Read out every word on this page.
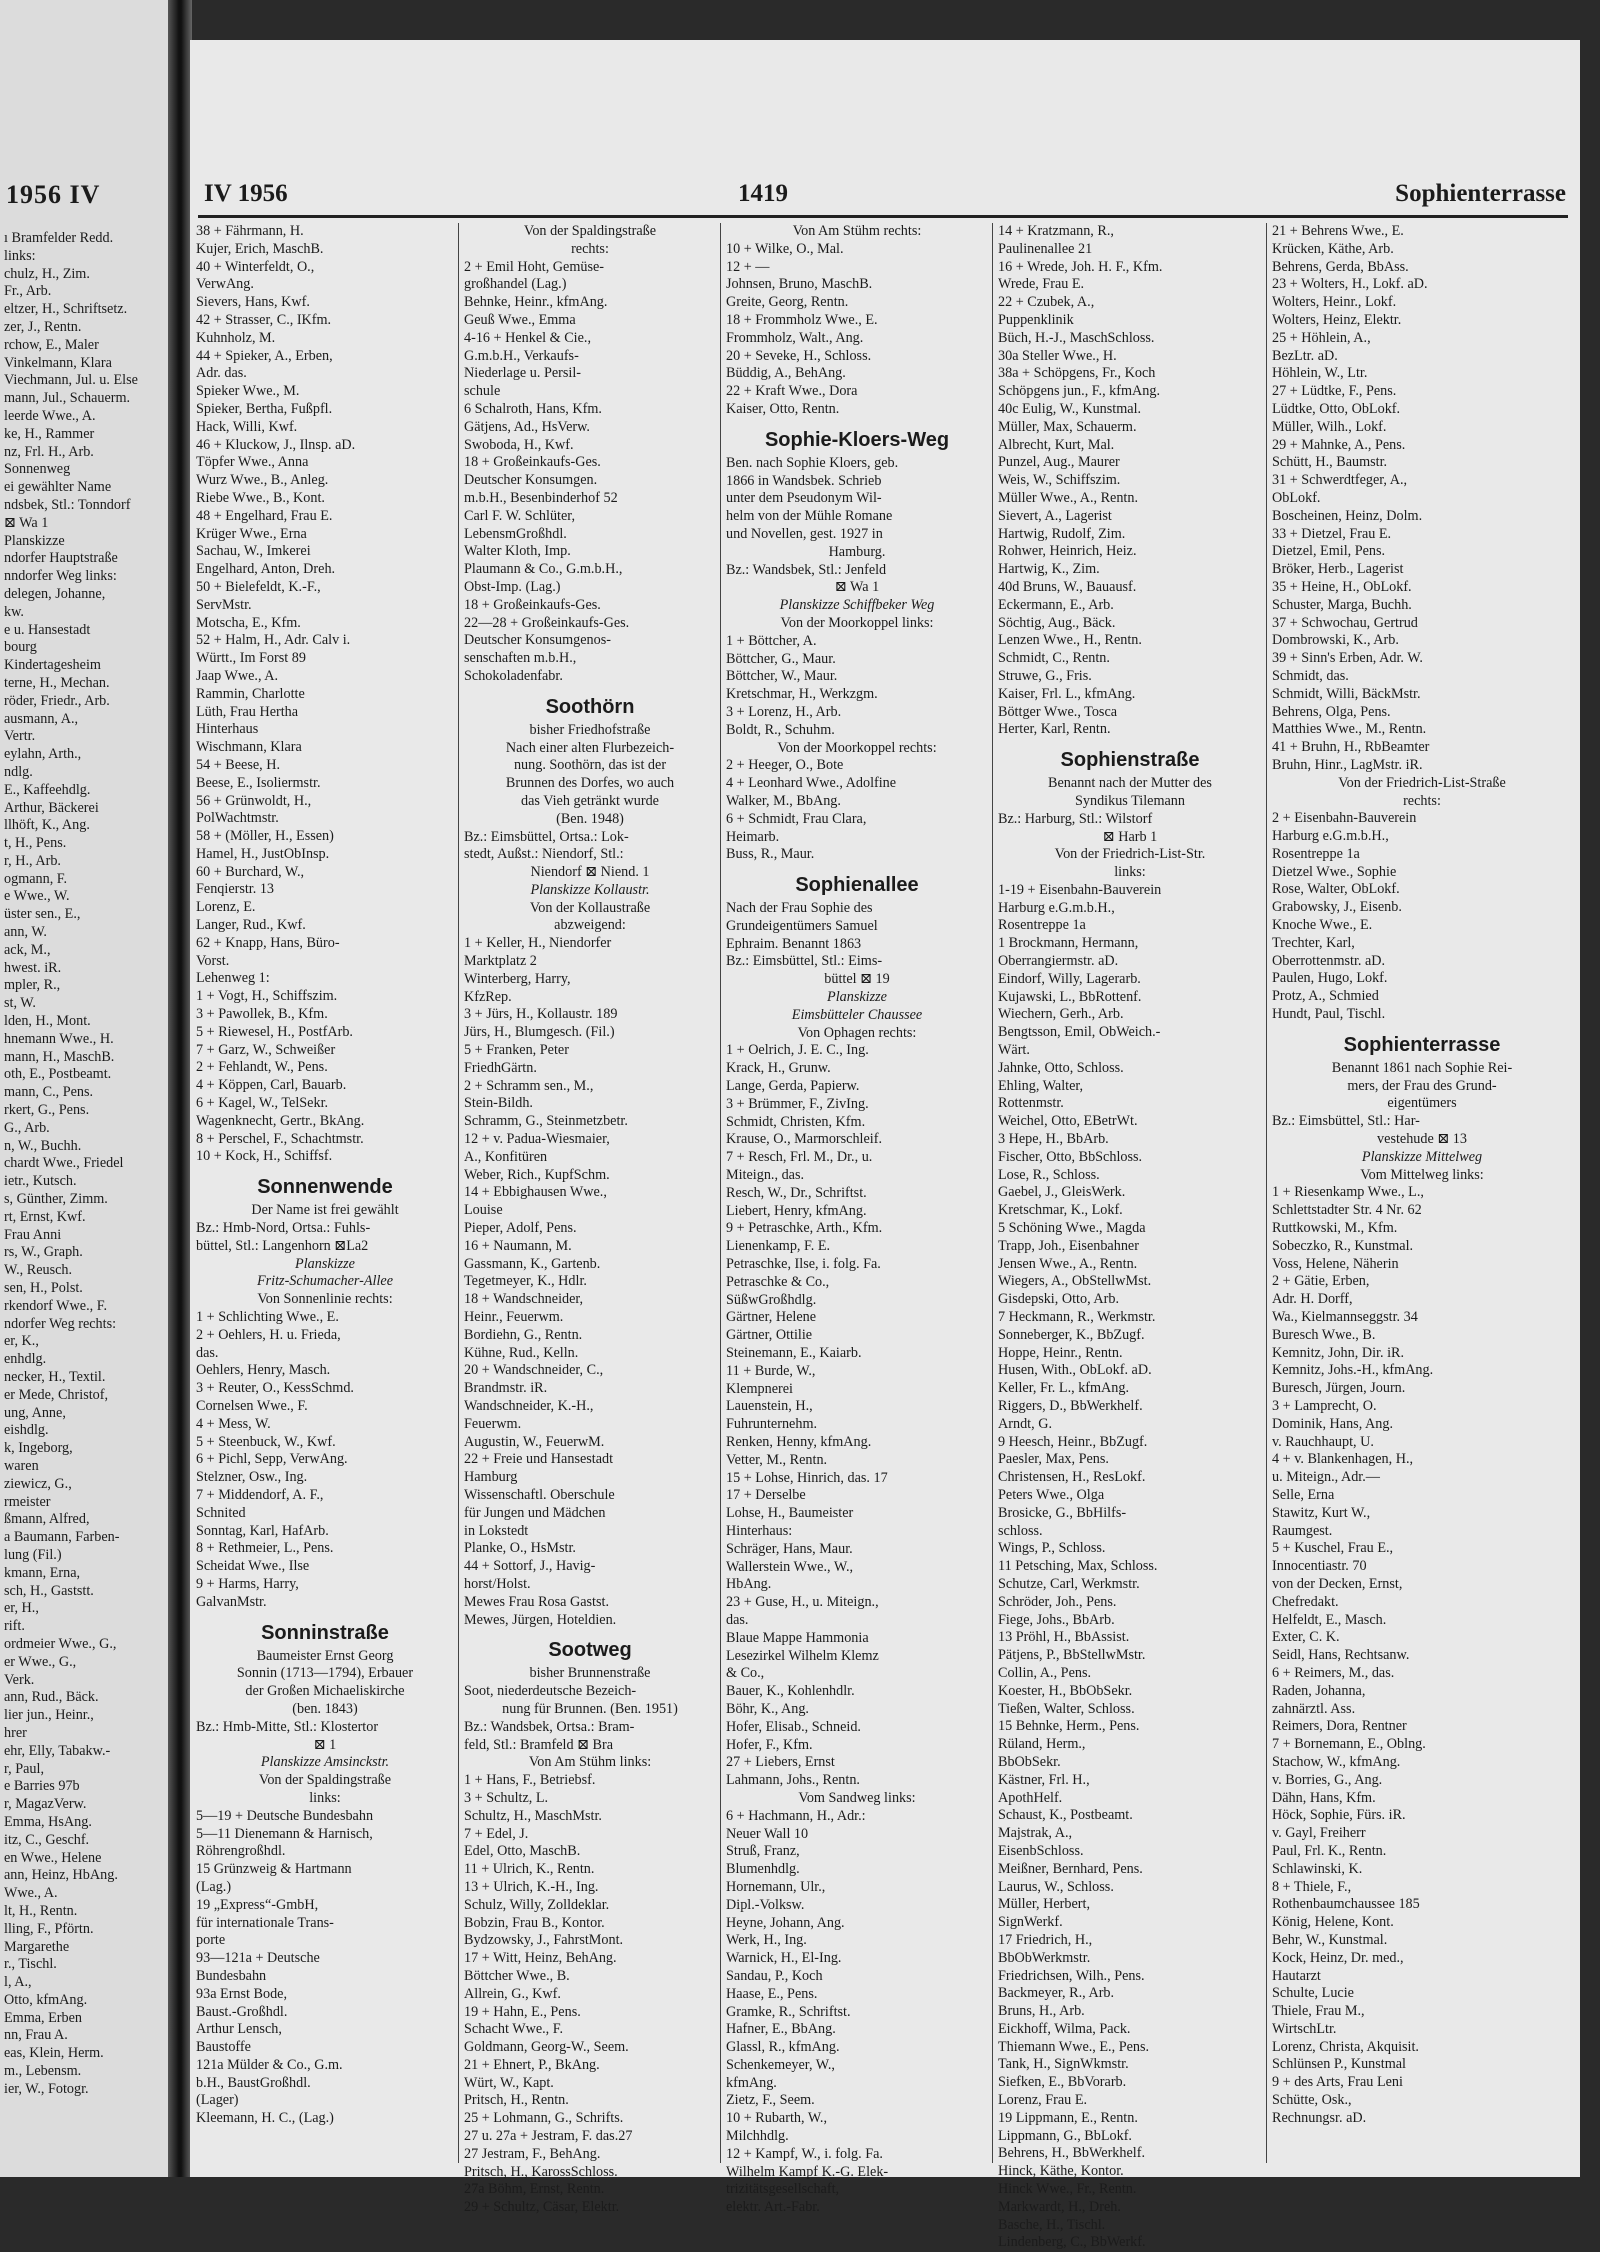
1956 IV
ı Bramfelder Redd.
links:
chulz, H., Zim.
Fr., Arb.
eltzer, H., Schriftsetz.
zer, J., Rentn.
rchow, E., Maler
Vinkelmann, Klara
Viechmann, Jul. u. Else
mann, Jul., Schauerm.
leerde Wwe., A.
ke, H., Rammer
nz, Frl. H., Arb.
Sonnenweg
ei gewählter Name
ndsbek, Stl.: Tonndorf
⊠ Wa 1
Planskizze
ndorfer Hauptstraße
nndorfer Weg links:
delegen, Johanne,
kw.
e u. Hansestadt
bourg
Kindertagesheim
terne, H., Mechan.
röder, Friedr., Arb.
ausmann, A.,
Vertr.
eylahn, Arth.,
ndlg.
E., Kaffeehdlg.
Arthur, Bäckerei
llhöft, K., Ang.
t, H., Pens.
r, H., Arb.
ogmann, F.
e Wwe., W.
üster sen., E.,
ann, W.
ack, M.,
hwest. iR.
mpler, R.,
st, W.
lden, H., Mont.
hnemann Wwe., H.
mann, H., MaschB.
oth, E., Postbeamt.
mann, C., Pens.
rkert, G., Pens.
G., Arb.
n, W., Buchh.
chardt Wwe., Friedel
ietr., Kutsch.
s, Günther, Zimm.
rt, Ernst, Kwf.
Frau Anni
rs, W., Graph.
W., Reusch.
sen, H., Polst.
rkendorf Wwe., F.
ndorfer Weg rechts:
er, K.,
enhdlg.
necker, H., Textil.
er Mede, Christof,
ung, Anne,
eishdlg.
k, Ingeborg,
waren
ziewicz, G.,
rmeister
ßmann, Alfred,
a Baumann, Farben-
lung (Fil.)
kmann, Erna,
sch, H., Gaststt.
er, H.,
rift.
ordmeier Wwe., G.,
er Wwe., G.,
Verk.
ann, Rud., Bäck.
lier jun., Heinr.,
hrer
ehr, Elly, Tabakw.-
r, Paul,
e Barries 97b
r, MagazVerw.
Emma, HsAng.
itz, C., Geschf.
en Wwe., Helene
ann, Heinz, HbAng.
Wwe., A.
lt, H., Rentn.
lling, F., Pförtn.
Margarethe
r., Tischl.
l, A.,
Otto, kfmAng.
Emma, Erben
nn, Frau A.
eas, Klein, Herm.
m., Lebensm.
ier, W., Fotogr.
IV 1956	1419	Sophienterrasse
38 + Fährmann, H.
Kujer, Erich, MaschB.
40 + Winterfeldt, O.,
VerwAng.
Sievers, Hans, Kwf.
42 + Strasser, C., IKfm.
Kuhnholz, M.
44 + Spieker, A., Erben,
Adr. das.
Spieker Wwe., M.
Spieker, Bertha, Fußpfl.
Hack, Willi, Kwf.
46 + Kluckow, J., Ilnsp. aD.
Töpfer Wwe., Anna
Wurz Wwe., B., Anleg.
Riebe Wwe., B., Kont.
48 + Engelhard, Frau E.
Krüger Wwe., Erna
Sachau, W., Imkerei
Engelhard, Anton, Dreh.
50 + Bielefeldt, K.-F.,
ServMstr.
Motscha, E., Kfm.
52 + Halm, H., Adr. Calv i.
Württ., Im Forst 89
Jaap Wwe., A.
Rammin, Charlotte
Lüth, Frau Hertha
Hinterhaus
Wischmann, Klara
54 + Beese, H.
Beese, E., Isoliermstr.
56 + Grünwoldt, H.,
PolWachtmstr.
58 + (Möller, H., Essen)
Hamel, H., JustObInsp.
60 + Burchard, W.,
Fenqierstr. 13
Lorenz, E.
Langer, Rud., Kwf.
62 + Knapp, Hans, Büro-
Vorst.
Lehenweg 1:
1 + Vogt, H., Schiffszim.
3 + Pawollek, B., Kfm.
5 + Riewesel, H., PostfArb.
7 + Garz, W., Schweißer
2 + Fehlandt, W., Pens.
4 + Köppen, Carl, Bauarb.
6 + Kagel, W., TelSekr.
Wagenknecht, Gertr., BkAng.
8 + Perschel, F., Schachtmstr.
10 + Kock, H., Schiffsf.
Sonnenwende
Der Name ist frei gewählt
Bz.: Hmb-Nord, Ortsa.: Fuhls-
büttel, Stl.: Langenhorn ⊠La2
Planskizze
Fritz-Schumacher-Allee
Von Sonnenlinie rechts:
1 + Schlichting Wwe., E.
2 + Oehlers, H. u. Frieda,
das.
Oehlers, Henry, Masch.
3 + Reuter, O., KessSchmd.
Cornelsen Wwe., F.
4 + Mess, W.
5 + Steenbuck, W., Kwf.
6 + Pichl, Sepp, VerwAng.
Stelzner, Osw., Ing.
7 + Middendorf, A. F.,
Schnited
Sonntag, Karl, HafArb.
8 + Rethmeier, L., Pens.
Scheidat Wwe., Ilse
9 + Harms, Harry,
GalvanMstr.
Sonninstraße
Baumeister Ernst Georg
Sonnin (1713—1794), Erbauer
der Großen Michaeliskirche
(ben. 1843)
Bz.: Hmb-Mitte, Stl.: Klostertor
⊠ 1
Planskizze Amsinckstr.
Von der Spaldingstraße
links:
5—19 + Deutsche Bundesbahn
5—11 Dienemann & Harnisch,
Röhrengroßhdl.
15 Grünzweig & Hartmann
(Lag.)
19 „Express“-GmbH,
für internationale Trans-
porte
93—121a + Deutsche
Bundesbahn
93a Ernst Bode,
Baust.-Großhdl.
Arthur Lensch,
Baustoffe
121a Mülder & Co., G.m.
b.H., BaustGroßhdl.
(Lager)
Kleemann, H. C., (Lag.)
Von der Spaldingstraße
rechts:
2 + Emil Hoht, Gemüse-
großhandel (Lag.)
Behnke, Heinr., kfmAng.
Geuß Wwe., Emma
4-16 + Henkel & Cie.,
G.m.b.H., Verkaufs-
Niederlage u. Persil-
schule
6 Schalroth, Hans, Kfm.
Gätjens, Ad., HsVerw.
Swoboda, H., Kwf.
18 + Großeinkaufs-Ges.
Deutscher Konsumgen.
m.b.H., Besenbinderhof 52
Carl F. W. Schlüter,
LebensmGroßhdl.
Walter Kloth, Imp.
Plaumann & Co., G.m.b.H.,
Obst-Imp. (Lag.)
18 + Großeinkaufs-Ges.
22—28 + Großeinkaufs-Ges.
Deutscher Konsumgenos-
senschaften m.b.H.,
Schokoladenfabr.
Soothörn
bisher Friedhofstraße
Nach einer alten Flurbezeich-
nung. Soothörn, das ist der
Brunnen des Dorfes, wo auch
das Vieh getränkt wurde
(Ben. 1948)
Bz.: Eimsbüttel, Ortsa.: Lok-
stedt, Außst.: Niendorf, Stl.:
Niendorf ⊠ Niend. 1
Planskizze Kollaustr.
Von der Kollaustraße
abzweigend:
1 + Keller, H., Niendorfer
Marktplatz 2
Winterberg, Harry,
KfzRep.
3 + Jürs, H., Kollaustr. 189
Jürs, H., Blumgesch. (Fil.)
5 + Franken, Peter
FriedhGärtn.
2 + Schramm sen., M.,
Stein-Bildh.
Schramm, G., Steinmetzbetr.
12 + v. Padua-Wiesmaier,
A., Konfitüren
Weber, Rich., KupfSchm.
14 + Ebbighausen Wwe.,
Louise
Pieper, Adolf, Pens.
16 + Naumann, M.
Gassmann, K., Gartenb.
Tegetmeyer, K., Hdlr.
18 + Wandschneider,
Heinr., Feuerwm.
Bordiehn, G., Rentn.
Kühne, Rud., Kelln.
20 + Wandschneider, C.,
Brandmstr. iR.
Wandschneider, K.-H.,
Feuerwm.
Augustin, W., FeuerwM.
22 + Freie und Hansestadt
Hamburg
Wissenschaftl. Oberschule
für Jungen und Mädchen
in Lokstedt
Planke, O., HsMstr.
44 + Sottorf, J., Havig-
horst/Holst.
Mewes Frau Rosa Gastst.
Mewes, Jürgen, Hoteldien.
Sootweg
bisher Brunnenstraße
Soot, niederdeutsche Bezeich-
nung für Brunnen. (Ben. 1951)
Bz.: Wandsbek, Ortsa.: Bram-
feld, Stl.: Bramfeld ⊠ Bra
Von Am Stühm links:
1 + Hans, F., Betriebsf.
3 + Schultz, L.
Schultz, H., MaschMstr.
7 + Edel, J.
Edel, Otto, MaschB.
11 + Ulrich, K., Rentn.
13 + Ulrich, K.-H., Ing.
Schulz, Willy, Zolldeklar.
Bobzin, Frau B., Kontor.
Bydzowsky, J., FahrstMont.
17 + Witt, Heinz, BehAng.
Böttcher Wwe., B.
Allrein, G., Kwf.
19 + Hahn, E., Pens.
Schacht Wwe., F.
Goldmann, Georg-W., Seem.
21 + Ehnert, P., BkAng.
Würt, W., Kapt.
Pritsch, H., Rentn.
25 + Lohmann, G., Schrifts.
27 u. 27a + Jestram, F. das.27
27 Jestram, F., BehAng.
Pritsch, H., KarossSchloss.
27a Böhm, Ernst, Rentn.
29 + Schultz, Cäsar, Elektr.
Von Am Stühm rechts:
10 + Wilke, O., Mal.
12 + —
Johnsen, Bruno, MaschB.
Greite, Georg, Rentn.
18 + Frommholz Wwe., E.
Frommholz, Walt., Ang.
20 + Seveke, H., Schloss.
Büddig, A., BehAng.
22 + Kraft Wwe., Dora
Kaiser, Otto, Rentn.
Sophie-Kloers-Weg
Ben. nach Sophie Kloers, geb.
1866 in Wandsbek. Schrieb
unter dem Pseudonym Wil-
helm von der Mühle Romane
und Novellen, gest. 1927 in
Hamburg.
Bz.: Wandsbek, Stl.: Jenfeld
⊠ Wa 1
Planskizze Schiffbeker Weg
Von der Moorkoppel links:
1 + Böttcher, A.
Böttcher, G., Maur.
Böttcher, W., Maur.
Kretschmar, H., Werkzgm.
3 + Lorenz, H., Arb.
Boldt, R., Schuhm.
Von der Moorkoppel rechts:
2 + Heeger, O., Bote
4 + Leonhard Wwe., Adolfine
Walker, M., BbAng.
6 + Schmidt, Frau Clara,
Heimarb.
Buss, R., Maur.
Sophienallee
Nach der Frau Sophie des
Grundeigentümers Samuel
Ephraim. Benannt 1863
Bz.: Eimsbüttel, Stl.: Eims-
büttel ⊠ 19
Planskizze
Eimsbütteler Chaussee
Von Ophagen rechts:
1 + Oelrich, J. E. C., Ing.
Krack, H., Grunw.
Lange, Gerda, Papierw.
3 + Brümmer, F., ZivIng.
Schmidt, Christen, Kfm.
Krause, O., Marmorschleif.
7 + Resch, Frl. M., Dr., u.
Miteign., das.
Resch, W., Dr., Schriftst.
Liebert, Henry, kfmAng.
9 + Petraschke, Arth., Kfm.
Lienenkamp, F. E.
Petraschke, Ilse, i. folg. Fa.
Petraschke & Co.,
SüßwGroßhdlg.
Gärtner, Helene
Gärtner, Ottilie
Steinemann, E., Kaiarb.
11 + Burde, W.,
Klempnerei
Lauenstein, H.,
Fuhrunternehm.
Renken, Henny, kfmAng.
Vetter, M., Rentn.
15 + Lohse, Hinrich, das. 17
17 + Derselbe
Lohse, H., Baumeister
Hinterhaus:
Schräger, Hans, Maur.
Wallerstein Wwe., W.,
HbAng.
23 + Guse, H., u. Miteign.,
das.
Blaue Mappe Hammonia
Lesezirkel Wilhelm Klemz
& Co.,
Bauer, K., Kohlenhdlr.
Böhr, K., Ang.
Hofer, Elisab., Schneid.
Hofer, F., Kfm.
27 + Liebers, Ernst
Lahmann, Johs., Rentn.
Vom Sandweg links:
6 + Hachmann, H., Adr.:
Neuer Wall 10
Struß, Franz,
Blumenhdlg.
Hornemann, Ulr.,
Dipl.-Volksw.
Heyne, Johann, Ang.
Werk, H., Ing.
Warnick, H., El-Ing.
Sandau, P., Koch
Haase, E., Pens.
Gramke, R., Schriftst.
Hafner, E., BbAng.
Glassl, R., kfmAng.
Schenkemeyer, W.,
kfmAng.
Zietz, F., Seem.
10 + Rubarth, W.,
Milchhdlg.
12 + Kampf, W., i. folg. Fa.
Wilhelm Kampf K.-G. Elek-
trizitätsgesellschaft,
elektr. Art.-Fabr.
14 + Kratzmann, R.,
Paulinenallee 21
16 + Wrede, Joh. H. F., Kfm.
Wrede, Frau E.
22 + Czubek, A.,
Puppenklinik
Büch, H.-J., MaschSchloss.
30a Steller Wwe., H.
38a + Schöpgens, Fr., Koch
Schöpgens jun., F., kfmAng.
40c Eulig, W., Kunstmal.
Müller, Max, Schauerm.
Albrecht, Kurt, Mal.
Punzel, Aug., Maurer
Weis, W., Schiffszim.
Müller Wwe., A., Rentn.
Sievert, A., Lagerist
Hartwig, Rudolf, Zim.
Rohwer, Heinrich, Heiz.
Hartwig, K., Zim.
40d Bruns, W., Bauausf.
Eckermann, E., Arb.
Söchtig, Aug., Bäck.
Lenzen Wwe., H., Rentn.
Schmidt, C., Rentn.
Struwe, G., Fris.
Kaiser, Frl. L., kfmAng.
Böttger Wwe., Tosca
Herter, Karl, Rentn.
Sophienstraße
Benannt nach der Mutter des
Syndikus Tilemann
Bz.: Harburg, Stl.: Wilstorf
⊠ Harb 1
Von der Friedrich-List-Str.
links:
1-19 + Eisenbahn-Bauverein
Harburg e.G.m.b.H.,
Rosentreppe 1a
1 Brockmann, Hermann,
Oberrangiermstr. aD.
Eindorf, Willy, Lagerarb.
Kujawski, L., BbRottenf.
Wiechern, Gerh., Arb.
Bengtsson, Emil, ObWeich.-
Wärt.
Jahnke, Otto, Schloss.
Ehling, Walter,
Rottenmstr.
Weichel, Otto, EBetrWt.
3 Hepe, H., BbArb.
Fischer, Otto, BbSchloss.
Lose, R., Schloss.
Gaebel, J., GleisWerk.
Kretschmar, K., Lokf.
5 Schöning Wwe., Magda
Trapp, Joh., Eisenbahner
Jensen Wwe., A., Rentn.
Wiegers, A., ObStellwMst.
Gisdepski, Otto, Arb.
7 Heckmann, R., Werkmstr.
Sonneberger, K., BbZugf.
Hoppe, Heinr., Rentn.
Husen, With., ObLokf. aD.
Keller, Fr. L., kfmAng.
Riggers, D., BbWerkhelf.
Arndt, G.
9 Heesch, Heinr., BbZugf.
Paesler, Max, Pens.
Christensen, H., ResLokf.
Peters Wwe., Olga
Brosicke, G., BbHilfs-
schloss.
Wings, P., Schloss.
11 Petsching, Max, Schloss.
Schutze, Carl, Werkmstr.
Schröder, Joh., Pens.
Fiege, Johs., BbArb.
13 Pröhl, H., BbAssist.
Pätjens, P., BbStellwMstr.
Collin, A., Pens.
Koester, H., BbObSekr.
Tießen, Walter, Schloss.
15 Behnke, Herm., Pens.
Rüland, Herm.,
BbObSekr.
Kästner, Frl. H.,
ApothHelf.
Schaust, K., Postbeamt.
Majstrak, A.,
EisenbSchloss.
Meißner, Bernhard, Pens.
Laurus, W., Schloss.
Müller, Herbert,
SignWerkf.
17 Friedrich, H.,
BbObWerkmstr.
Friedrichsen, Wilh., Pens.
Backmeyer, R., Arb.
Bruns, H., Arb.
Eickhoff, Wilma, Pack.
Thiemann Wwe., E., Pens.
Tank, H., SignWkmstr.
Siefken, E., BbVorarb.
Lorenz, Frau E.
19 Lippmann, E., Rentn.
Lippmann, G., BbLokf.
Behrens, H., BbWerkhelf.
Hinck, Käthe, Kontor.
Hinck Wwe., Fr., Rentn.
Markwardt, H., Dreh.
Basche, H., Tischl.
Lindenberg, C., BbWerkf.
21 + Behrens Wwe., E.
Krücken, Käthe, Arb.
Behrens, Gerda, BbAss.
23 + Wolters, H., Lokf. aD.
Wolters, Heinr., Lokf.
Wolters, Heinz, Elektr.
25 + Höhlein, A.,
BezLtr. aD.
Höhlein, W., Ltr.
27 + Lüdtke, F., Pens.
Lüdtke, Otto, ObLokf.
Müller, Wilh., Lokf.
29 + Mahnke, A., Pens.
Schütt, H., Baumstr.
31 + Schwerdtfeger, A.,
ObLokf.
Boscheinen, Heinz, Dolm.
33 + Dietzel, Frau E.
Dietzel, Emil, Pens.
Bröker, Herb., Lagerist
35 + Heine, H., ObLokf.
Schuster, Marga, Buchh.
37 + Schwochau, Gertrud
Dombrowski, K., Arb.
39 + Sinn's Erben, Adr. W.
Schmidt, das.
Schmidt, Willi, BäckMstr.
Behrens, Olga, Pens.
Matthies Wwe., M., Rentn.
41 + Bruhn, H., RbBeamter
Bruhn, Hinr., LagMstr. iR.
Von der Friedrich-List-Straße
rechts:
2 + Eisenbahn-Bauverein
Harburg e.G.m.b.H.,
Rosentreppe 1a
Dietzel Wwe., Sophie
Rose, Walter, ObLokf.
Grabowsky, J., Eisenb.
Knoche Wwe., E.
Trechter, Karl,
Oberrottenmstr. aD.
Paulen, Hugo, Lokf.
Protz, A., Schmied
Hundt, Paul, Tischl.
Sophienterrasse
Benannt 1861 nach Sophie Rei-
mers, der Frau des Grund-
eigentümers
Bz.: Eimsbüttel, Stl.: Har-
vestehude ⊠ 13
Planskizze Mittelweg
Vom Mittelweg links:
1 + Riesenkamp Wwe., L.,
Schlettstadter Str. 4 Nr. 62
Ruttkowski, M., Kfm.
Sobeczko, R., Kunstmal.
Voss, Helene, Näherin
2 + Gätie, Erben,
Adr. H. Dorff,
Wa., Kielmannseggstr. 34
Buresch Wwe., B.
Kemnitz, John, Dir. iR.
Kemnitz, Johs.-H., kfmAng.
Buresch, Jürgen, Journ.
3 + Lamprecht, O.
Dominik, Hans, Ang.
v. Rauchhaupt, U.
4 + v. Blankenhagen, H.,
u. Miteign., Adr.—
Selle, Erna
Stawitz, Kurt W.,
Raumgest.
5 + Kuschel, Frau E.,
Innocentiastr. 70
von der Decken, Ernst,
Chefredakt.
Helfeldt, E., Masch.
Exter, C. K.
Seidl, Hans, Rechtsanw.
6 + Reimers, M., das.
Raden, Johanna,
zahnärztl. Ass.
Reimers, Dora, Rentner
7 + Bornemann, E., Oblng.
Stachow, W., kfmAng.
v. Borries, G., Ang.
Dähn, Hans, Kfm.
Höck, Sophie, Fürs. iR.
v. Gayl, Freiherr
Paul, Frl. K., Rentn.
Schlawinski, K.
8 + Thiele, F.,
Rothenbaumchaussee 185
König, Helene, Kont.
Behr, W., Kunstmal.
Kock, Heinz, Dr. med.,
Hautarzt
Schulte, Lucie
Thiele, Frau M.,
WirtschLtr.
Lorenz, Christa, Akquisit.
Schlünsen P., Kunstmal
9 + des Arts, Frau Leni
Schütte, Osk.,
Rechnungsr. aD.
